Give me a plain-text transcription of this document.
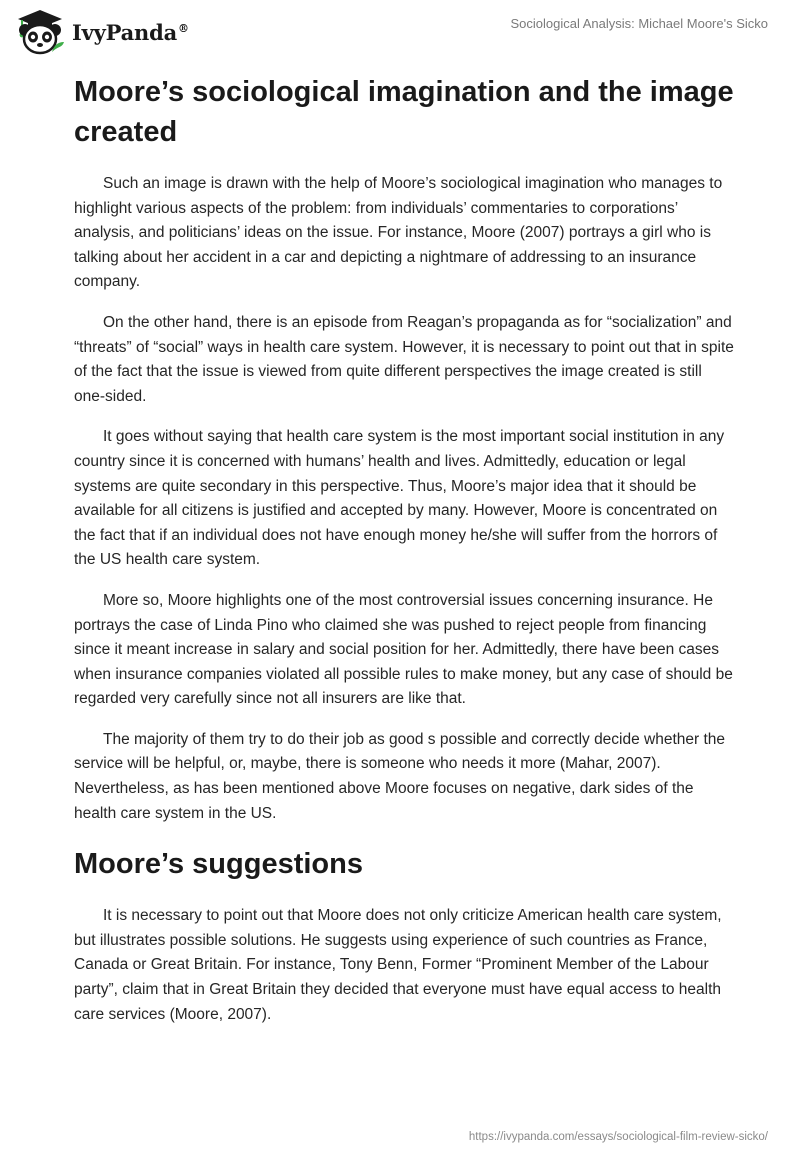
IvyPanda®	Sociological Analysis: Michael Moore's Sicko
Moore’s sociological imagination and the image created

Such an image is drawn with the help of Moore’s sociological imagination who manages to highlight various aspects of the problem: from individuals’ commentaries to corporations’ analysis, and politicians’ ideas on the issue. For instance, Moore (2007) portrays a girl who is talking about her accident in a car and depicting a nightmare of addressing to an insurance company.

On the other hand, there is an episode from Reagan’s propaganda as for “socialization” and “threats” of “social” ways in health care system. However, it is necessary to point out that in spite of the fact that the issue is viewed from quite different perspectives the image created is still one-sided.

It goes without saying that health care system is the most important social institution in any country since it is concerned with humans’ health and lives. Admittedly, education or legal systems are quite secondary in this perspective. Thus, Moore’s major idea that it should be available for all citizens is justified and accepted by many. However, Moore is concentrated on the fact that if an individual does not have enough money he/she will suffer from the horrors of the US health care system.

More so, Moore highlights one of the most controversial issues concerning insurance. He portrays the case of Linda Pino who claimed she was pushed to reject people from financing since it meant increase in salary and social position for her. Admittedly, there have been cases when insurance companies violated all possible rules to make money, but any case of should be regarded very carefully since not all insurers are like that.

The majority of them try to do their job as good s possible and correctly decide whether the service will be helpful, or, maybe, there is someone who needs it more (Mahar, 2007). Nevertheless, as has been mentioned above Moore focuses on negative, dark sides of the health care system in the US.

Moore’s suggestions

It is necessary to point out that Moore does not only criticize American health care system, but illustrates possible solutions. He suggests using experience of such countries as France, Canada or Great Britain. For instance, Tony Benn, Former “Prominent Member of the Labour party”, claim that in Great Britain they decided that everyone must have equal access to health care services (Moore, 2007).

https://ivypanda.com/essays/sociological-film-review-sicko/
